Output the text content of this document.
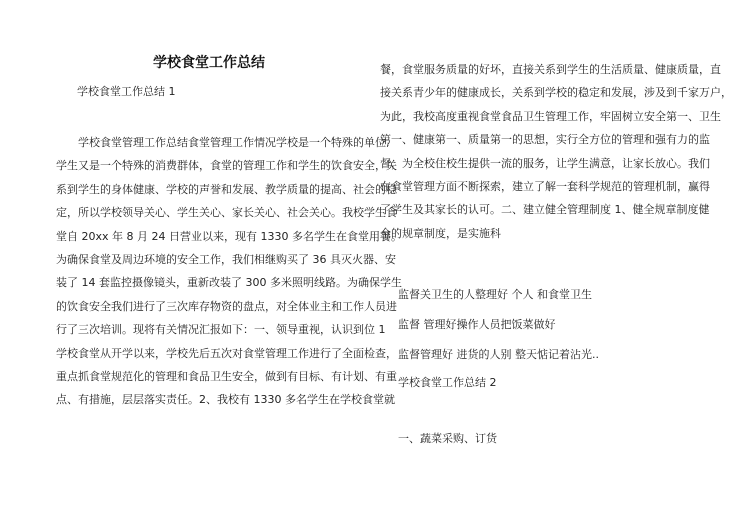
学校食堂工作总结
学校食堂工作总结 1

学校食堂管理工作总结食堂管理工作情况学校是一个特殊的单位,
学生又是一个特殊的消费群体，食堂的管理工作和学生的饮食安全，关
系到学生的身体健康、学校的声誉和发展、教学质量的提高、社会的稳
定，所以学校领导关心、学生关心、家长关心、社会关心。我校学生食
堂自 20xx 年 8 月 24 日营业以来，现有 1330 多名学生在食堂用餐。
为确保食堂及周边环境的安全工作，我们相继购买了 36 具灭火器、安
装了 14 套监控摄像镜头，重新改装了 300 多米照明线路。为确保学生
的饮食安全我们进行了三次库存物资的盘点，对全体业主和工作人员进
行了三次培训。现将有关情况汇报如下：一、领导重视，认识到位 1
学校食堂从开学以来，学校先后五次对食堂管理工作进行了全面检查，
重点抓食堂规范化的管理和食品卫生安全，做到有目标、有计划、有重
点、有措施，层层落实责任。2、我校有 1330 多名学生在学校食堂就

餐，食堂服务质量的好坏，直接关系到学生的生活质量、健康质量，直
接关系青少年的健康成长，关系到学校的稳定和发展，涉及到千家万户，
为此，我校高度重视食堂食品卫生管理工作，牢固树立安全第一、卫生
第一、健康第一、质量第一的思想，实行全方位的管理和强有力的监
督，为全校住校生提供一流的服务，让学生满意，让家长放心。我们
在食堂管理方面不断探索，建立了解一套科学规范的管理机制，赢得
了学生及其家长的认可。二、建立健全管理制度 1、健全规章制度健
全的规章制度，是实施科

监督关卫生的人整理好 个人 和食堂卫生
监督 管理好操作人员把饭菜做好
监督管理好 进货的人别 整天惦记着沾光..
学校食堂工作总结 2
一、蔬菜采购、订货
